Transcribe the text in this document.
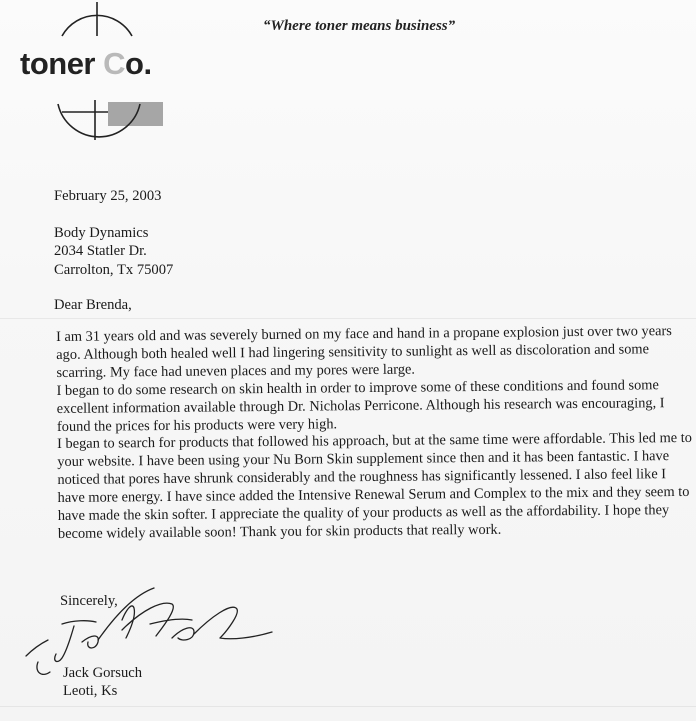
toner Co.
“Where toner means business”
February 25, 2003
Body Dynamics
2034 Statler Dr.
Carrolton, Tx 75007
Dear Brenda,

I am 31 years old and was severely burned on my face and hand in a propane explosion just over two years ago. Although both healed well I had lingering sensitivity to sunlight as well as discoloration and some scarring. My face had uneven places and my pores were large.

I began to do some research on skin health in order to improve some of these conditions and found some excellent information available through Dr. Nicholas Perricone. Although his research was encouraging, I found the prices for his products were very high.

I began to search for products that followed his approach, but at the same time were affordable. This led me to your website. I have been using your Nu Born Skin supplement since then and it has been fantastic. I have noticed that pores have shrunk considerably and the roughness has significantly lessened. I also feel like I have more energy. I have since added the Intensive Renewal Serum and Complex to the mix and they seem to have made the skin softer. I appreciate the quality of your products as well as the affordability. I hope they become widely available soon! Thank you for skin products that really work.

Sincerely,
Jack Gorsuch
Leoti, Ks
